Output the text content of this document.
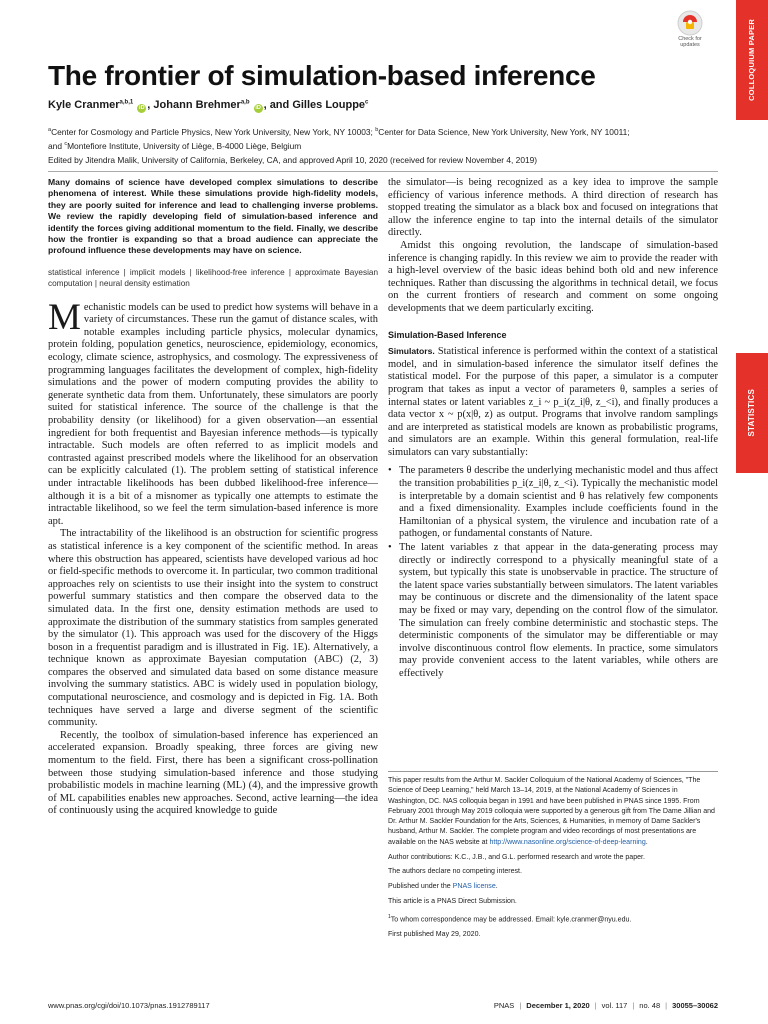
COLLOQUIUM PAPER
STATISTICS
Check for
updates
The frontier of simulation-based inference
Kyle Cranmer$^{a,b,1}$ iD , Johann Brehmer$^{a,b}$ iD , and Gilles Louppe$^c$
$^a$Center for Cosmology and Particle Physics, New York University, New York, NY 10003; $^b$Center for Data Science, New York University, New York, NY 10011;
and $^c$Montefiore Institute, University of Liège, B-4000 Liège, Belgium
Edited by Jitendra Malik, University of California, Berkeley, CA, and approved April 10, 2020 (received for review November 4, 2019)

Many domains of science have developed complex simulations to describe phenomena of interest. While these simulations provide high-fidelity models, they are poorly suited for inference and lead to challenging inverse problems. We review the rapidly developing field of simulation-based inference and identify the forces giving additional momentum to the field. Finally, we describe how the frontier is expanding so that a broad audience can appreciate the profound influence these developments may have on science.

statistical inference | implicit models | likelihood-free inference | approximate Bayesian computation | neural density estimation

Mechanistic models can be used to predict how systems will behave in a variety of circumstances. These run the gamut of distance scales, with notable examples including particle physics, molecular dynamics, protein folding, population genetics, neuroscience, epidemiology, economics, ecology, climate science, astrophysics, and cosmology. The expressiveness of programming languages facilitates the development of complex, high-fidelity simulations and the power of modern computing provides the ability to generate synthetic data from them. Unfortunately, these simulators are poorly suited for statistical inference. The source of the challenge is that the probability density (or likelihood) for a given observation—an essential ingredient for both frequentist and Bayesian inference methods—is typically intractable. Such models are often referred to as implicit models and contrasted against prescribed models where the likelihood for an observation can be explicitly calculated (1). The problem setting of statistical inference under intractable likelihoods has been dubbed likelihood-free inference—although it is a bit of a misnomer as typically one attempts to estimate the intractable likelihood, so we feel the term simulation-based inference is more apt.

The intractability of the likelihood is an obstruction for scientific progress as statistical inference is a key component of the scientific method. In areas where this obstruction has appeared, scientists have developed various ad hoc or field-specific methods to overcome it. In particular, two common traditional approaches rely on scientists to use their insight into the system to construct powerful summary statistics and then compare the observed data to the simulated data. In the first one, density estimation methods are used to approximate the distribution of the summary statistics from samples generated by the simulator (1). This approach was used for the discovery of the Higgs boson in a frequentist paradigm and is illustrated in Fig. 1E). Alternatively, a technique known as approximate Bayesian computation (ABC) (2, 3) compares the observed and simulated data based on some distance measure involving the summary statistics. ABC is widely used in population biology, computational neuroscience, and cosmology and is depicted in Fig. 1A. Both techniques have served a large and diverse segment of the scientific community.

Recently, the toolbox of simulation-based inference has experienced an accelerated expansion. Broadly speaking, three forces are giving new momentum to the field. First, there has been a significant cross-pollination between those studying simulation-based inference and those studying probabilistic models in machine learning (ML) (4), and the impressive growth of ML capabilities enables new approaches. Second, active learning—the idea of continuously using the acquired knowledge to guide

the simulator—is being recognized as a key idea to improve the sample efficiency of various inference methods. A third direction of research has stopped treating the simulator as a black box and focused on integrations that allow the inference engine to tap into the internal details of the simulator directly.

Amidst this ongoing revolution, the landscape of simulation-based inference is changing rapidly. In this review we aim to provide the reader with a high-level overview of the basic ideas behind both old and new inference techniques. Rather than discussing the algorithms in technical detail, we focus on the current frontiers of research and comment on some ongoing developments that we deem particularly exciting.

Simulation-Based Inference

Simulators. Statistical inference is performed within the context of a statistical model, and in simulation-based inference the simulator itself defines the statistical model. For the purpose of this paper, a simulator is a computer program that takes as input a vector of parameters θ, samples a series of internal states or latent variables z_i ~ p_i(z_i|θ, z_<i), and finally produces a data vector x ~ p(x|θ, z) as output. Programs that involve random samplings and are interpreted as statistical models are known as probabilistic programs, and simulators are an example. Within this general formulation, real-life simulators can vary substantially:

• The parameters θ describe the underlying mechanistic model and thus affect the transition probabilities p_i(z_i|θ, z_<i). Typically the mechanistic model is interpretable by a domain scientist and θ has relatively few components and a fixed dimensionality. Examples include coefficients found in the Hamiltonian of a physical system, the virulence and incubation rate of a pathogen, or fundamental constants of Nature.
• The latent variables z that appear in the data-generating process may directly or indirectly correspond to a physically meaningful state of a system, but typically this state is unobservable in practice. The structure of the latent space varies substantially between simulators. The latent variables may be continuous or discrete and the dimensionality of the latent space may be fixed or may vary, depending on the control flow of the simulator. The simulation can freely combine deterministic and stochastic steps. The deterministic components of the simulator may be differentiable or may involve discontinuous control flow elements. In practice, some simulators may provide convenient access to the latent variables, while others are effectively

This paper results from the Arthur M. Sackler Colloquium of the National Academy of Sciences, "The Science of Deep Learning," held March 13–14, 2019, at the National Academy of Sciences in Washington, DC. NAS colloquia began in 1991 and have been published in PNAS since 1995. From February 2001 through May 2019 colloquia were supported by a generous gift from The Dame Jillian and Dr. Arthur M. Sackler Foundation for the Arts, Sciences, & Humanities, in memory of Dame Sackler's husband, Arthur M. Sackler. The complete program and video recordings of most presentations are available on the NAS website at http://www.nasonline.org/science-of-deep-learning.

Author contributions: K.C., J.B., and G.L. performed research and wrote the paper.

The authors declare no competing interest.

Published under the PNAS license.

This article is a PNAS Direct Submission.

$^1$To whom correspondence may be addressed. Email: kyle.cranmer@nyu.edu.

First published May 29, 2020.

www.pnas.org/cgi/doi/10.1073/pnas.1912789117	PNAS | December 1, 2020 | vol. 117 | no. 48 | 30055–30062
